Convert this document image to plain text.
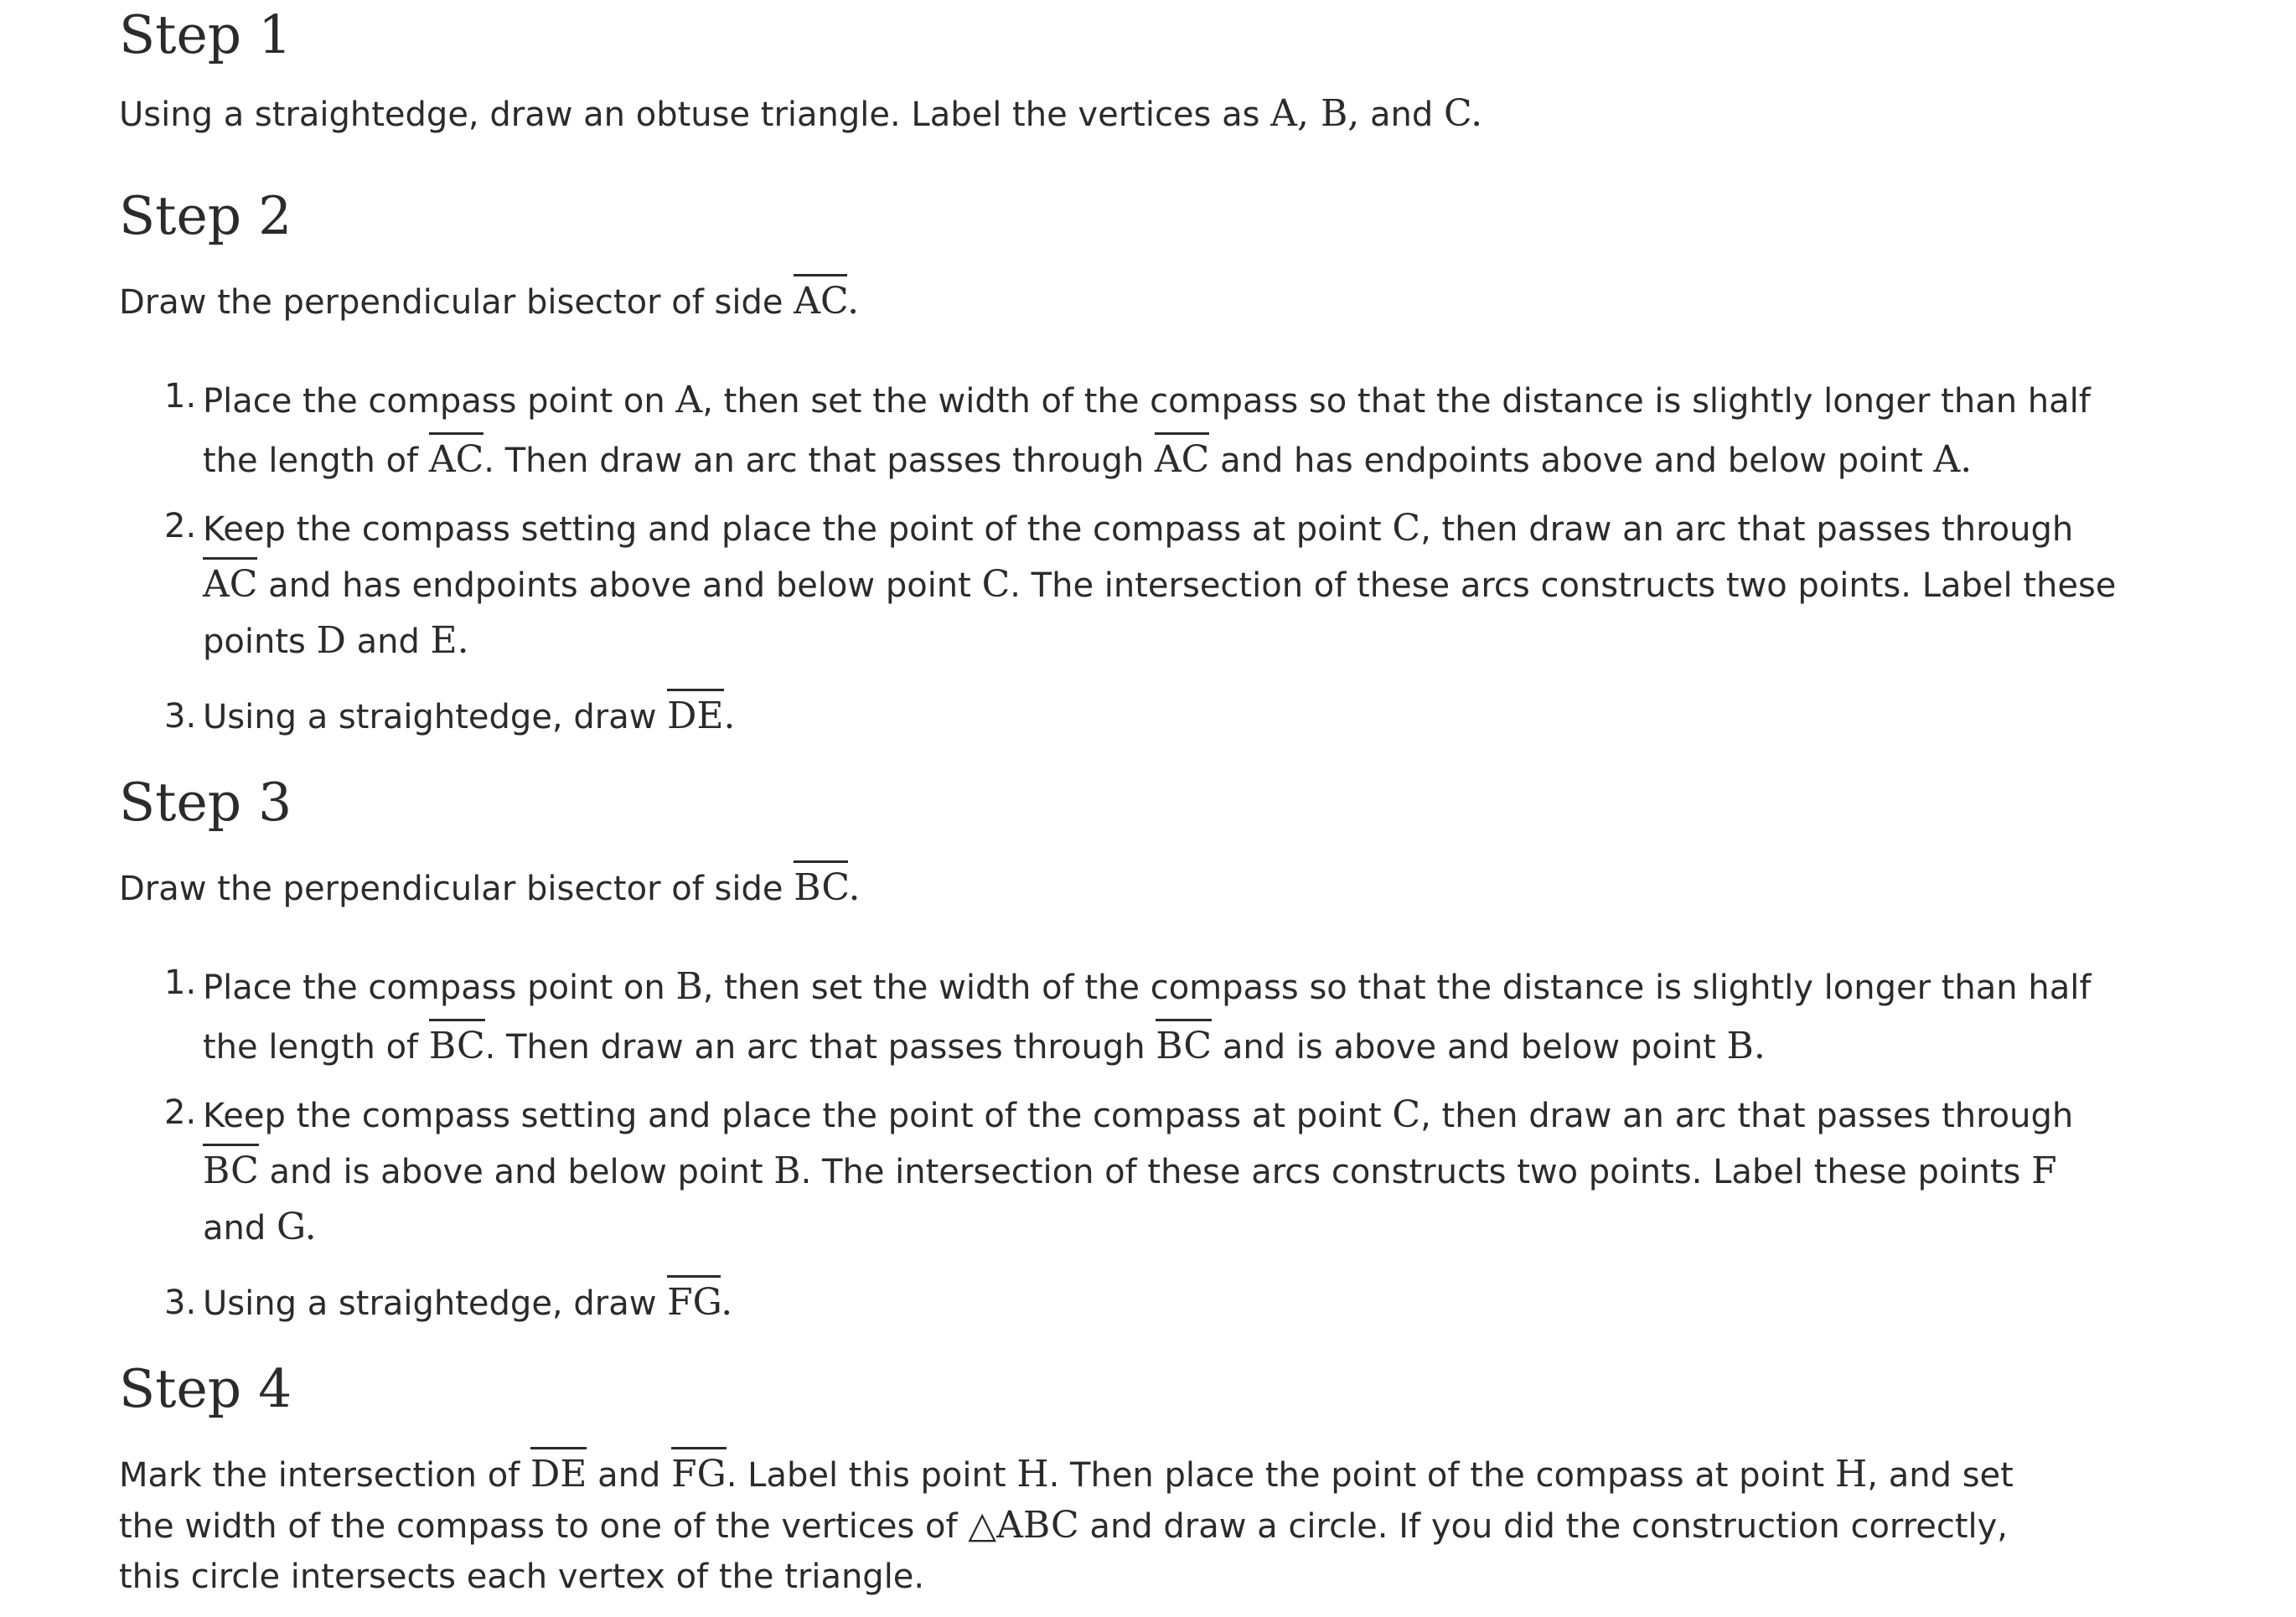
Step 1

Using a straightedge, draw an obtuse triangle. Label the vertices as A, B, and C.

Step 2

Draw the perpendicular bisector of side AC.

1. Place the compass point on A, then set the width of the compass so that the distance is slightly longer than half the length of AC. Then draw an arc that passes through AC and has endpoints above and below point A.
2. Keep the compass setting and place the point of the compass at point C, then draw an arc that passes through AC and has endpoints above and below point C. The intersection of these arcs constructs two points. Label these points D and E.
3. Using a straightedge, draw DE.
Step 3

Draw the perpendicular bisector of side BC.

1. Place the compass point on B, then set the width of the compass so that the distance is slightly longer than half the length of BC. Then draw an arc that passes through BC and is above and below point B.
2. Keep the compass setting and place the point of the compass at point C, then draw an arc that passes through BC and is above and below point B. The intersection of these arcs constructs two points. Label these points F and G.
3. Using a straightedge, draw FG.
Step 4

Mark the intersection of DE and FG. Label this point H. Then place the point of the compass at point H, and set the width of the compass to one of the vertices of △ABC and draw a circle. If you did the construction correctly, this circle intersects each vertex of the triangle.
